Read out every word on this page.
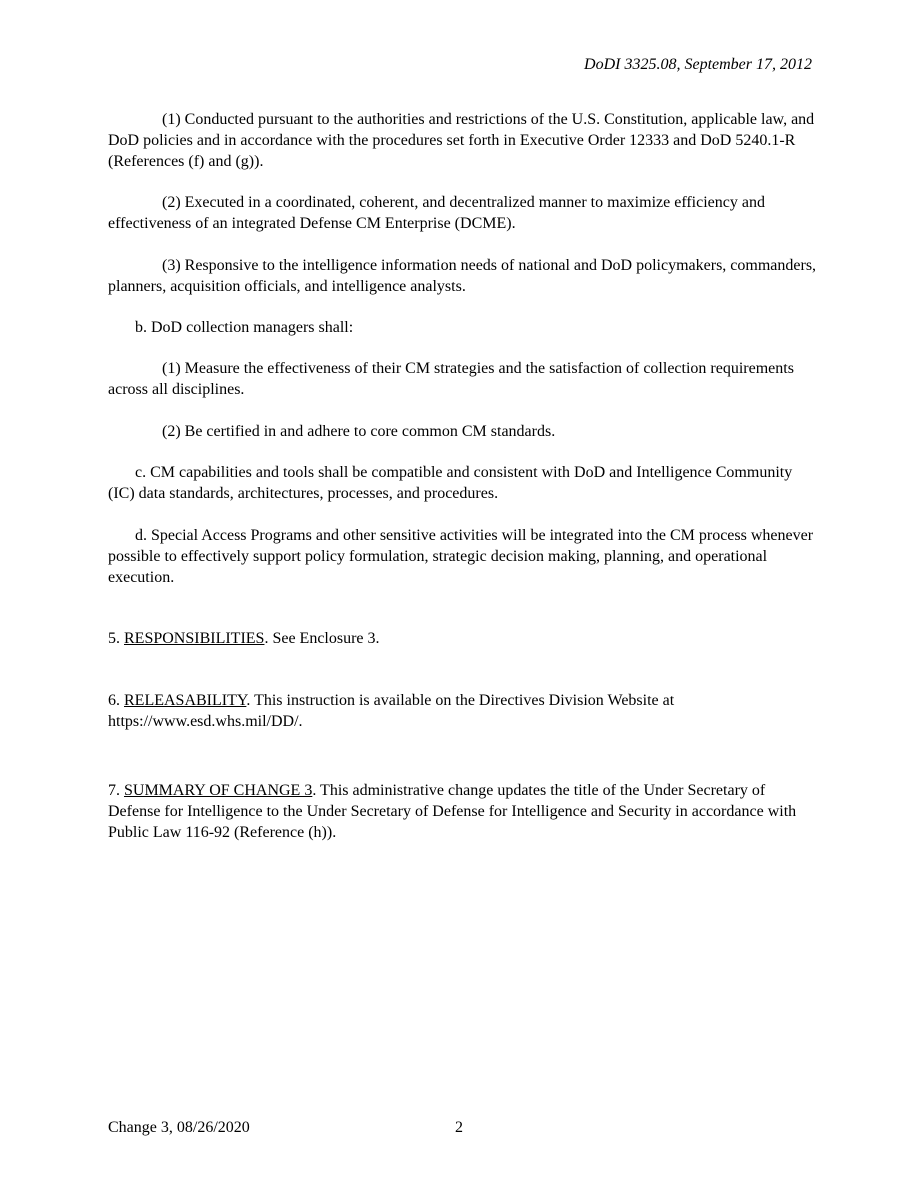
DoDI 3325.08, September 17, 2012

(1) Conducted pursuant to the authorities and restrictions of the U.S. Constitution, applicable law, and DoD policies and in accordance with the procedures set forth in Executive Order 12333 and DoD 5240.1-R (References (f) and (g)).

(2) Executed in a coordinated, coherent, and decentralized manner to maximize efficiency and effectiveness of an integrated Defense CM Enterprise (DCME).

(3) Responsive to the intelligence information needs of national and DoD policymakers, commanders, planners, acquisition officials, and intelligence analysts.

b. DoD collection managers shall:

(1) Measure the effectiveness of their CM strategies and the satisfaction of collection requirements across all disciplines.

(2) Be certified in and adhere to core common CM standards.

c. CM capabilities and tools shall be compatible and consistent with DoD and Intelligence Community (IC) data standards, architectures, processes, and procedures.

d. Special Access Programs and other sensitive activities will be integrated into the CM process whenever possible to effectively support policy formulation, strategic decision making, planning, and operational execution.

5. RESPONSIBILITIES. See Enclosure 3.

6. RELEASABILITY. This instruction is available on the Directives Division Website at https://www.esd.whs.mil/DD/.

7. SUMMARY OF CHANGE 3. This administrative change updates the title of the Under Secretary of Defense for Intelligence to the Under Secretary of Defense for Intelligence and Security in accordance with Public Law 116-92 (Reference (h)).

Change 3, 08/26/2020	2
